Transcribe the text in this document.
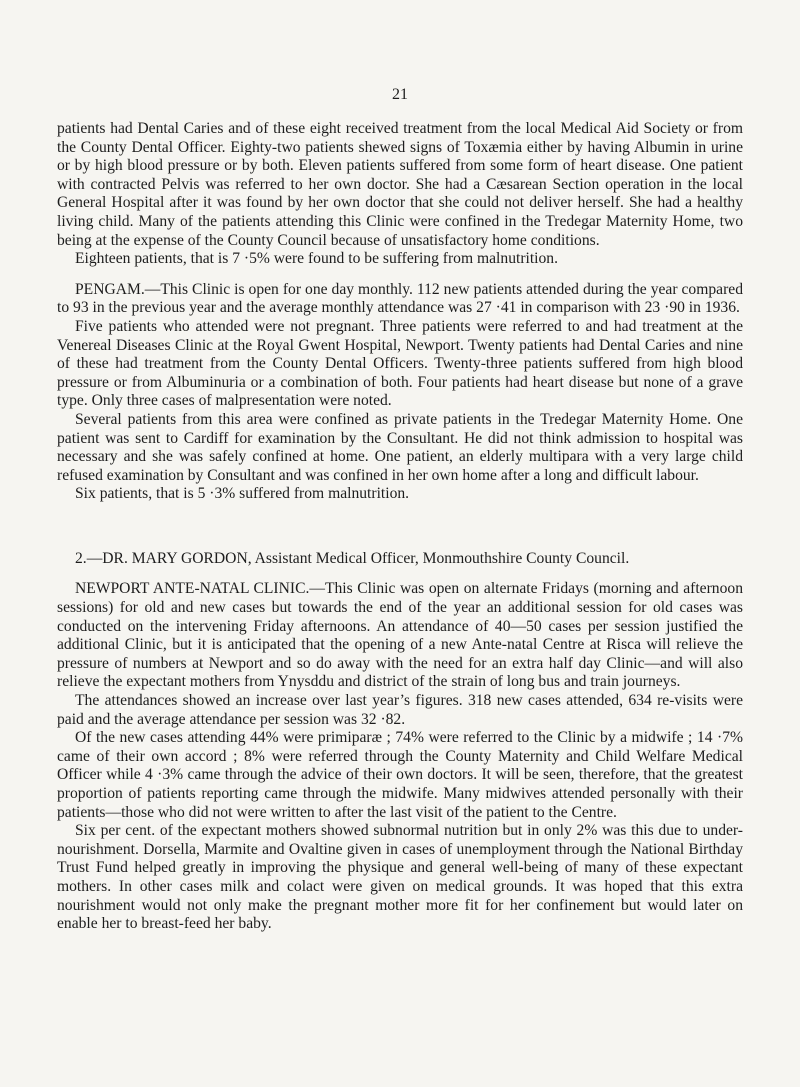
21

patients had Dental Caries and of these eight received treatment from the local Medical Aid Society or from the County Dental Officer. Eighty-two patients shewed signs of Toxæmia either by having Albumin in urine or by high blood pressure or by both. Eleven patients suffered from some form of heart disease. One patient with contracted Pelvis was referred to her own doctor. She had a Cæsarean Section operation in the local General Hospital after it was found by her own doctor that she could not deliver herself. She had a healthy living child. Many of the patients attending this Clinic were confined in the Tredegar Maternity Home, two being at the expense of the County Council because of unsatisfactory home conditions.

Eighteen patients, that is 7 ·5% were found to be suffering from malnutrition.

PENGAM.—This Clinic is open for one day monthly. 112 new patients attended during the year compared to 93 in the previous year and the average monthly attendance was 27 ·41 in comparison with 23 ·90 in 1936.

Five patients who attended were not pregnant. Three patients were referred to and had treatment at the Venereal Diseases Clinic at the Royal Gwent Hospital, Newport. Twenty patients had Dental Caries and nine of these had treatment from the County Dental Officers. Twenty-three patients suffered from high blood pressure or from Albuminuria or a combination of both. Four patients had heart disease but none of a grave type. Only three cases of malpresentation were noted.

Several patients from this area were confined as private patients in the Tredegar Maternity Home. One patient was sent to Cardiff for examination by the Consultant. He did not think admission to hospital was necessary and she was safely confined at home. One patient, an elderly multipara with a very large child refused examination by Consultant and was confined in her own home after a long and difficult labour.

Six patients, that is 5 ·3% suffered from malnutrition.

2.—DR. MARY GORDON, Assistant Medical Officer, Monmouthshire County Council.

NEWPORT ANTE-NATAL CLINIC.—This Clinic was open on alternate Fridays (morning and afternoon sessions) for old and new cases but towards the end of the year an additional session for old cases was conducted on the intervening Friday afternoons. An attendance of 40—50 cases per session justified the additional Clinic, but it is anticipated that the opening of a new Ante-natal Centre at Risca will relieve the pressure of numbers at Newport and so do away with the need for an extra half day Clinic—and will also relieve the expectant mothers from Ynysddu and district of the strain of long bus and train journeys.

The attendances showed an increase over last year’s figures. 318 new cases attended, 634 re-visits were paid and the average attendance per session was 32 ·82.

Of the new cases attending 44% were primiparæ ; 74% were referred to the Clinic by a midwife ; 14 ·7% came of their own accord ; 8% were referred through the County Maternity and Child Welfare Medical Officer while 4 ·3% came through the advice of their own doctors. It will be seen, therefore, that the greatest proportion of patients reporting came through the midwife. Many midwives attended personally with their patients—those who did not were written to after the last visit of the patient to the Centre.

Six per cent. of the expectant mothers showed subnormal nutrition but in only 2% was this due to under-nourishment. Dorsella, Marmite and Ovaltine given in cases of unemployment through the National Birthday Trust Fund helped greatly in improving the physique and general well-being of many of these expectant mothers. In other cases milk and colact were given on medical grounds. It was hoped that this extra nourishment would not only make the pregnant mother more fit for her confinement but would later on enable her to breast-feed her baby.
